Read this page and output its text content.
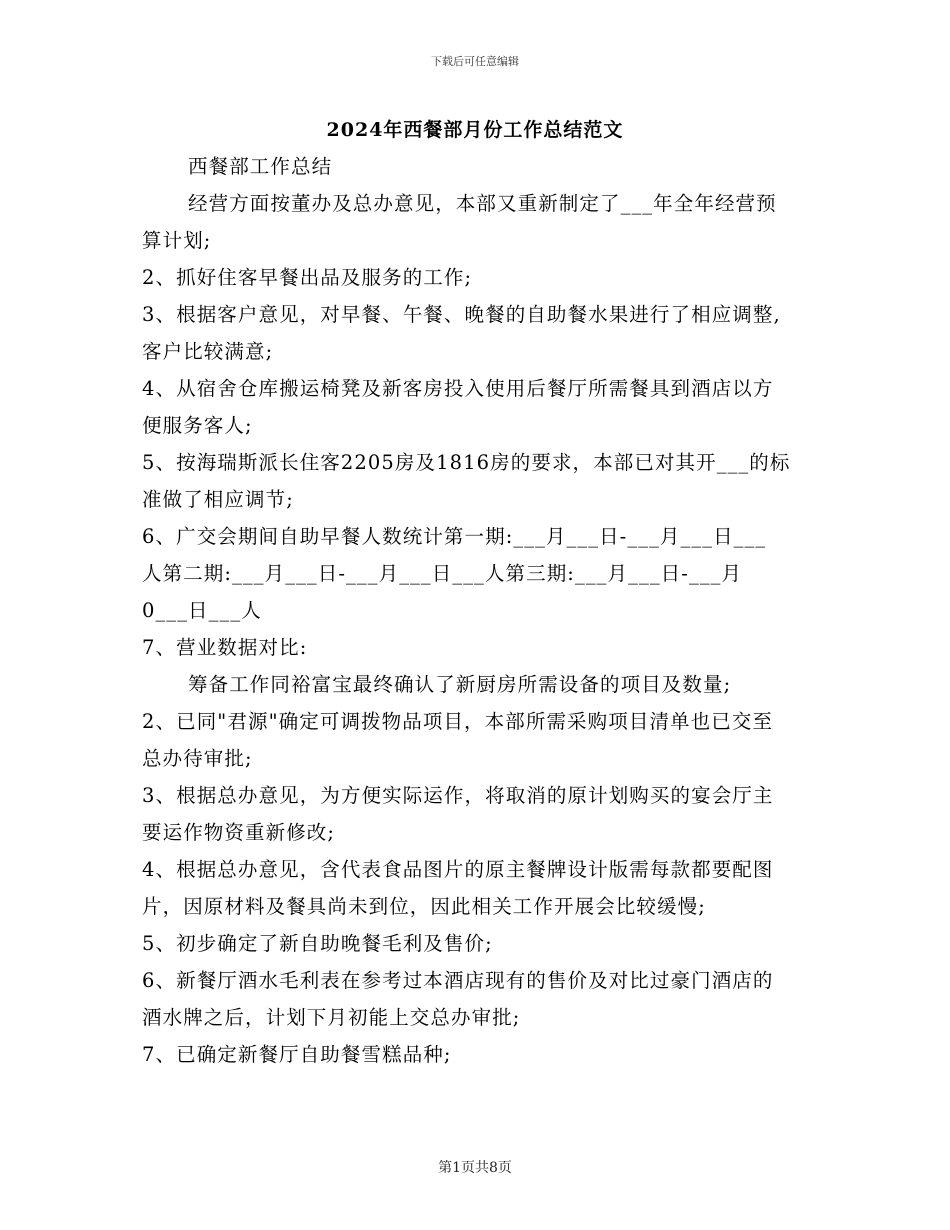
下载后可任意编辑
2024年西餐部月份工作总结范文
西餐部工作总结
经营方面按董办及总办意见，本部又重新制定了___年全年经营预
算计划;
2、抓好住客早餐出品及服务的工作;
3、根据客户意见，对早餐、午餐、晚餐的自助餐水果进行了相应调整,
客户比较满意;
4、从宿舍仓库搬运椅凳及新客房投入使用后餐厅所需餐具到酒店以方
便服务客人;
5、按海瑞斯派长住客2205房及1816房的要求，本部已对其开___的标
准做了相应调节;
6、广交会期间自助早餐人数统计第一期:___月___日-___月___日___
人第二期:___月___日-___月___日___人第三期:___月___日-___月
0___日___人
7、营业数据对比:
筹备工作同裕富宝最终确认了新厨房所需设备的项目及数量;
2、已同"君源"确定可调拨物品项目，本部所需采购项目清单也已交至
总办待审批;
3、根据总办意见，为方便实际运作，将取消的原计划购买的宴会厅主
要运作物资重新修改;
4、根据总办意见，含代表食品图片的原主餐牌设计版需每款都要配图
片，因原材料及餐具尚未到位，因此相关工作开展会比较缓慢;
5、初步确定了新自助晚餐毛利及售价;
6、新餐厅酒水毛利表在参考过本酒店现有的售价及对比过豪门酒店的
酒水牌之后，计划下月初能上交总办审批;
7、已确定新餐厅自助餐雪糕品种;
第1页共8页
